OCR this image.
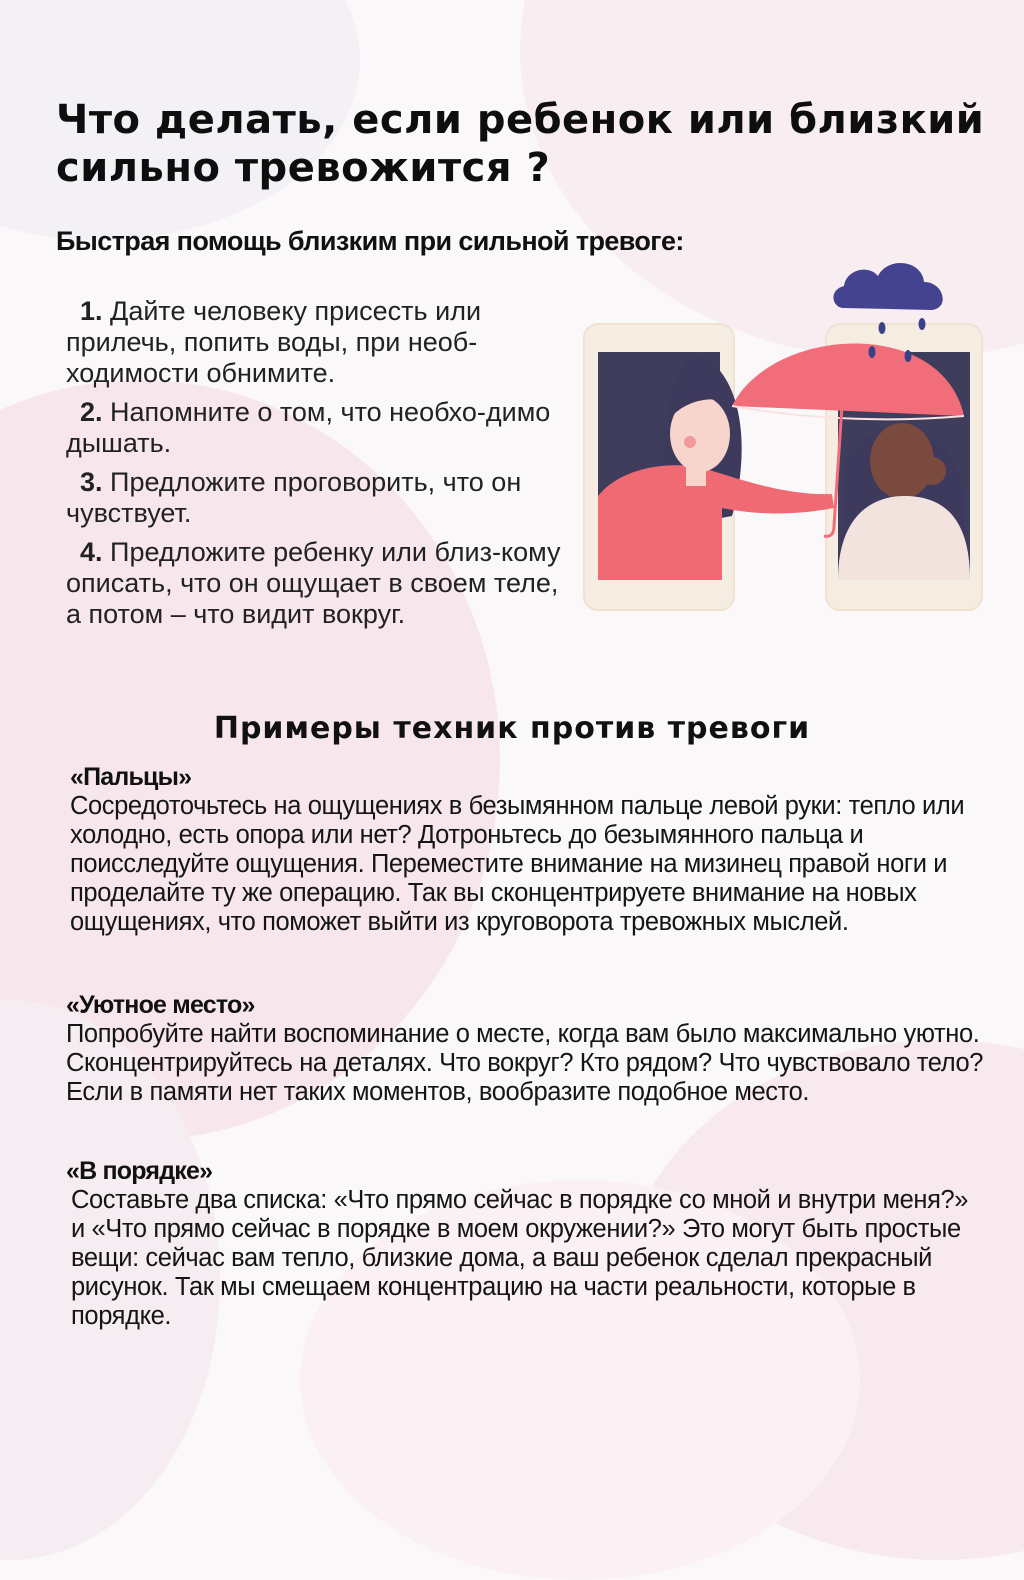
Что делать, если ребенок или близкий сильно тревожится ?
Быстрая помощь близким при сильной тревоге:

1. Дайте человеку присесть или прилечь, попить воды, при необ-ходимости обнимите.

2. Напомните о том, что необхо-димо дышать.

3. Предложите проговорить, что он чувствует.

4. Предложите ребенку или близ-кому описать, что он ощущает в своем теле, а потом – что видит вокруг.

Примеры техник против тревоги
«Пальцы»

Сосредоточьтесь на ощущениях в безымянном пальце левой руки: тепло или холодно, есть опора или нет? Дотроньтесь до безымянного пальца и поисследуйте ощущения. Переместите внимание на мизинец правой ноги и проделайте ту же операцию. Так вы сконцентрируете внимание на новых ощущениях, что поможет выйти из круговорота тревожных мыслей.

«Уютное место»

Попробуйте найти воспоминание о месте, когда вам было максимально уютно. Сконцентрируйтесь на деталях. Что вокруг? Кто рядом? Что чувствовало тело? Если в памяти нет таких моментов, вообразите подобное место.

«В порядке»

Составьте два списка: «Что прямо сейчас в порядке со мной и внутри меня?» и «Что прямо сейчас в порядке в моем окружении?» Это могут быть простые вещи: сейчас вам тепло, близкие дома, а ваш ребенок сделал прекрасный рисунок. Так мы смещаем концентрацию на части реальности, которые в порядке.
